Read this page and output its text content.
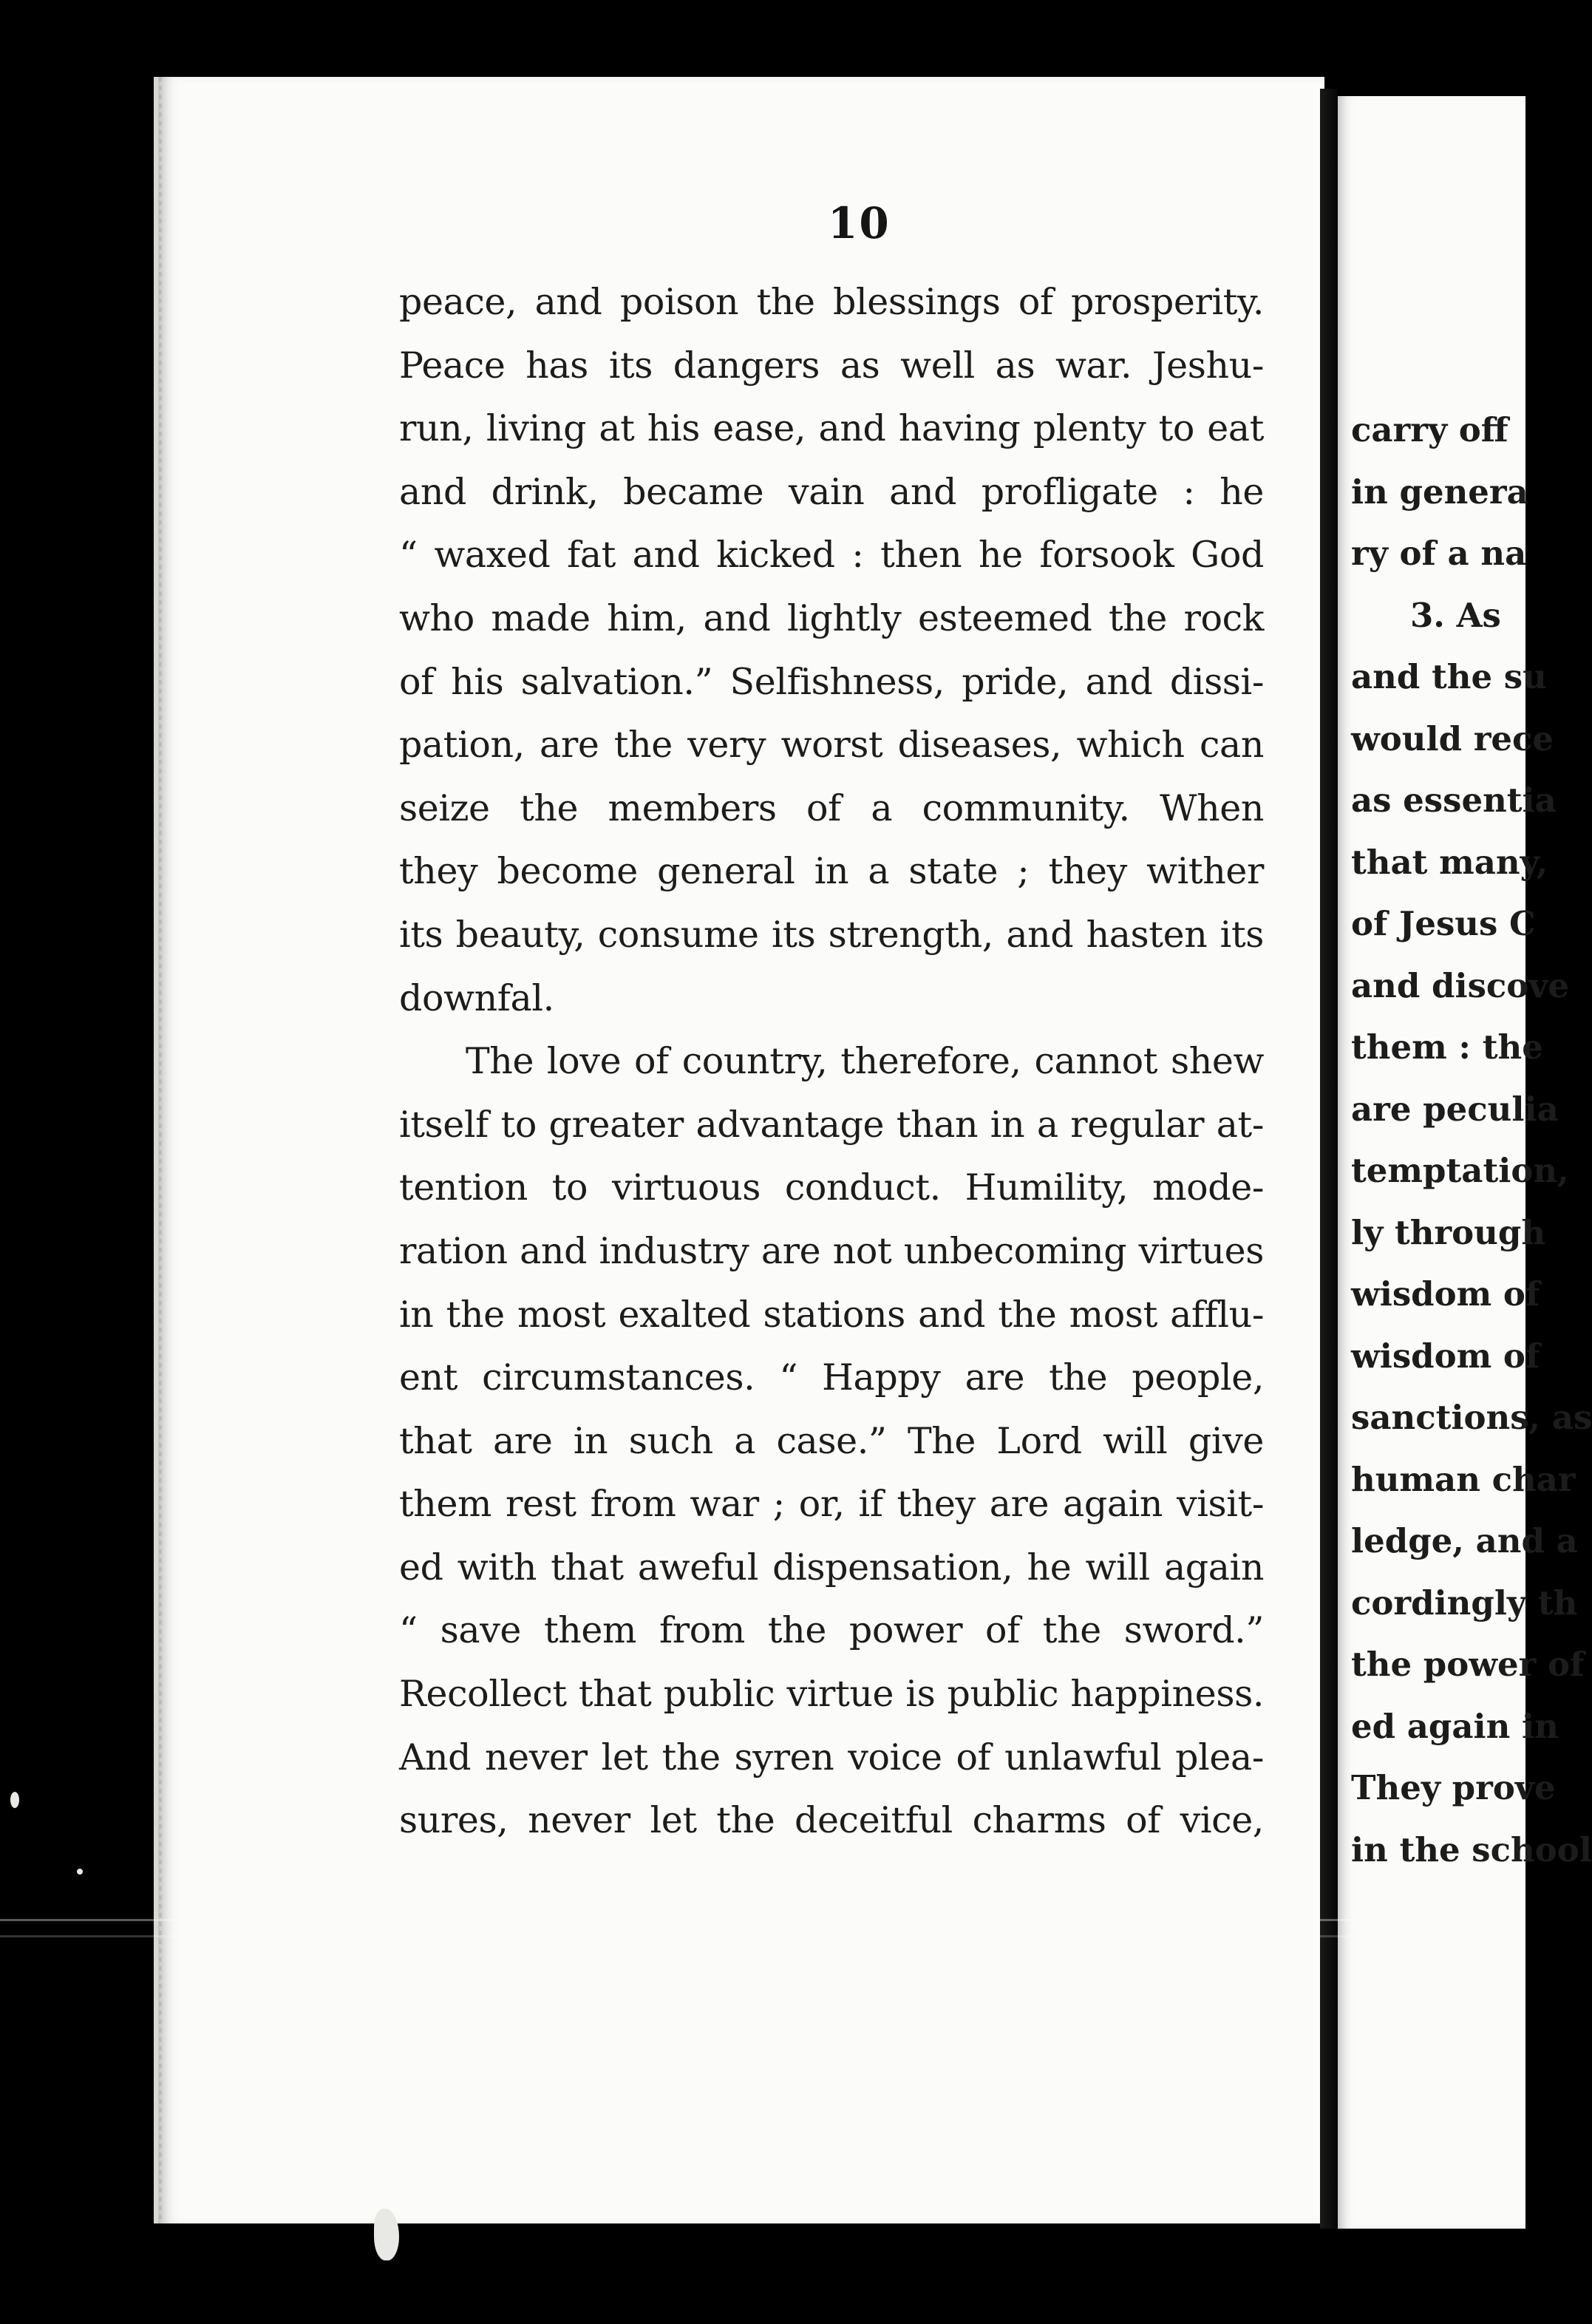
10
carry off
in genera
ry of a na
3. As
and the su
would rece
as essentia
that many,
of Jesus C
and discove
them : the
are peculia
temptation,
ly through
wisdom of
wisdom of
sanctions, as
human char
ledge, and a
cordingly th
the power of
ed again in
They prove
in the school
peace, and poison the blessings of prosperity.
Peace has its dangers as well as war. Jeshu-
run, living at his ease, and having plenty to eat
and drink, became vain and profligate : he
“ waxed fat and kicked : then he forsook God
who made him, and lightly esteemed the rock
of his salvation.” Selfishness, pride, and dissi-
pation, are the very worst diseases, which can
seize the members of a community. When
they become general in a state ; they wither
its beauty, consume its strength, and hasten its
downfal.
The love of country, therefore, cannot shew
itself to greater advantage than in a regular at-
tention to virtuous conduct. Humility, mode-
ration and industry are not unbecoming virtues
in the most exalted stations and the most afflu-
ent circumstances. “ Happy are the people,
that are in such a case.” The Lord will give
them rest from war ; or, if they are again visit-
ed with that aweful dispensation, he will again
“ save them from the power of the sword.”
Recollect that public virtue is public happiness.
And never let the syren voice of unlawful plea-
sures, never let the deceitful charms of vice,
